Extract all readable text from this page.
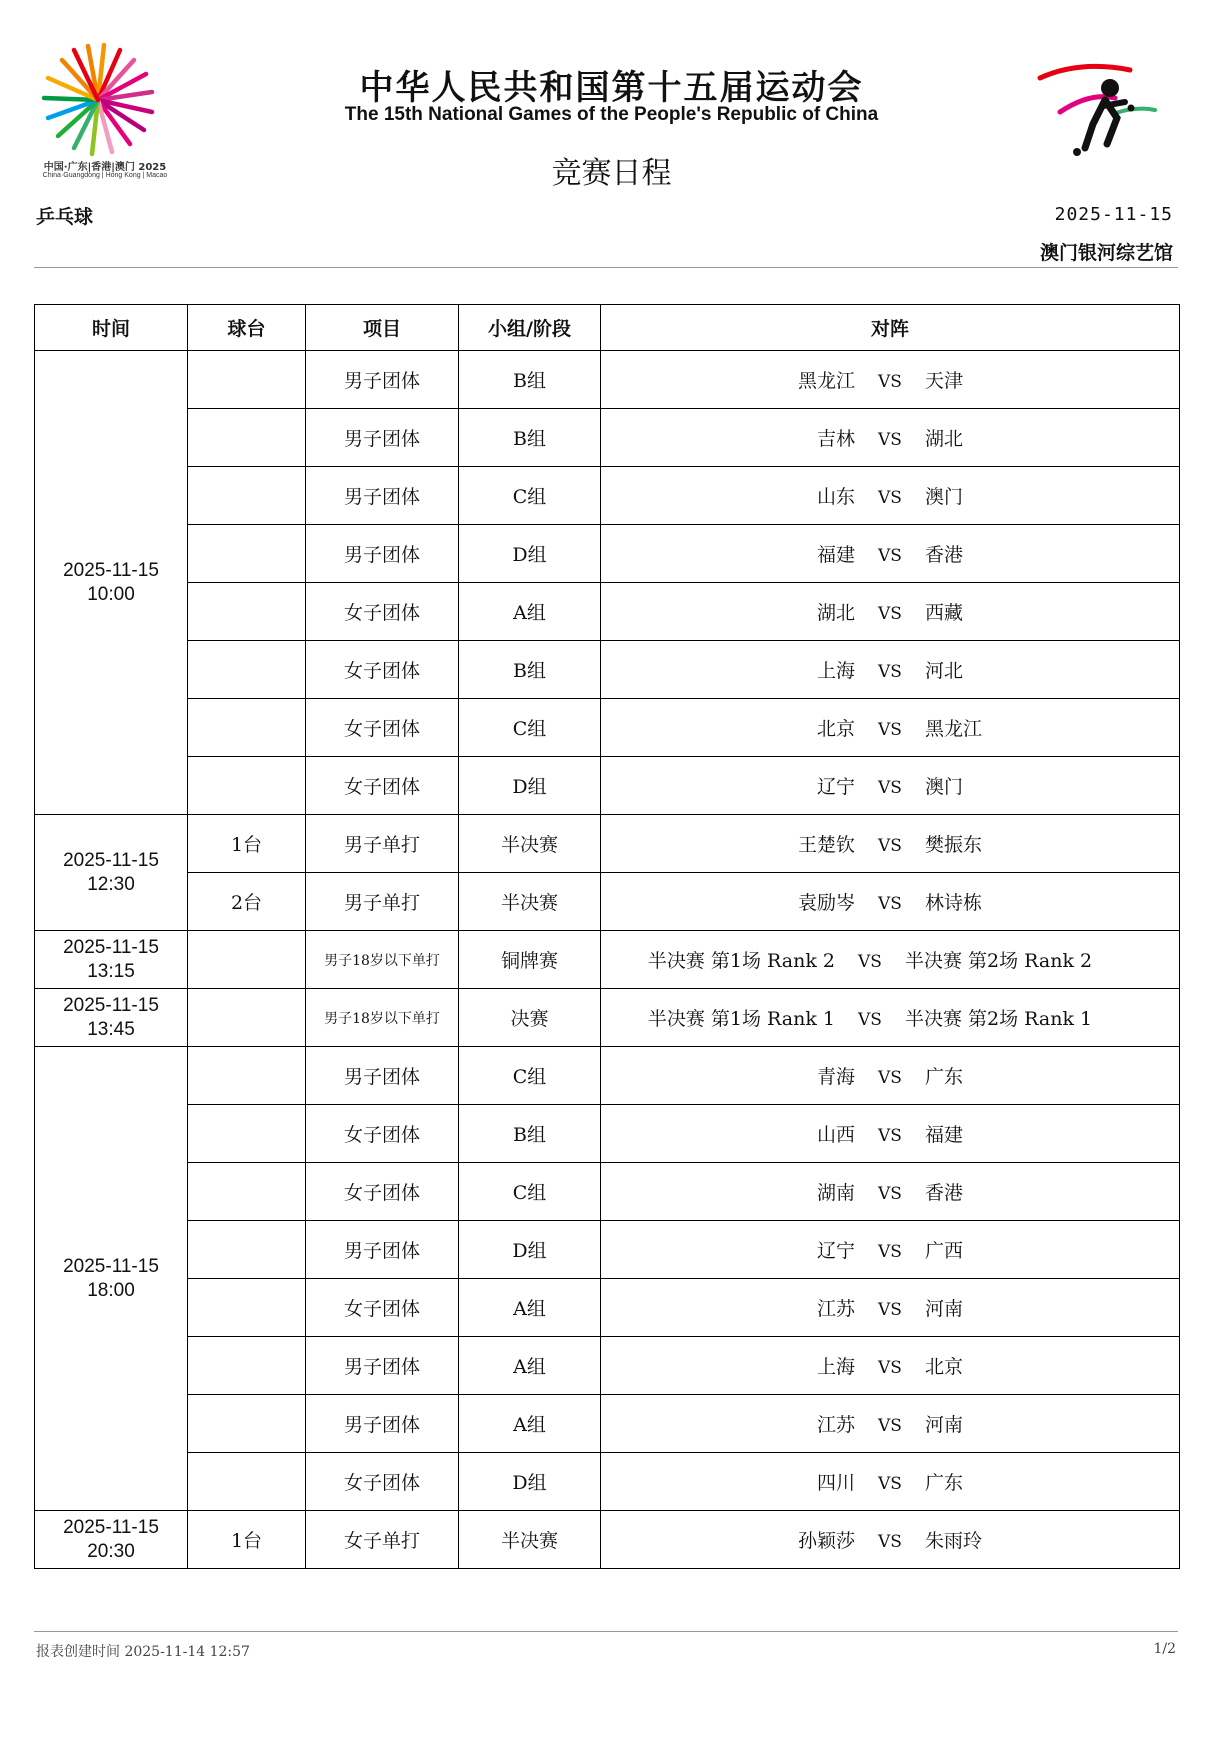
中国·广东|香港|澳门 2025
China·Guangdong | Hong Kong | Macao
中华人民共和国第十五届运动会
The 15th National Games of the People's Republic of China
竞赛日程
乒乓球	2025-11-15
澳门银河综艺馆
时间	球台	项目	小组/阶段	对阵
2025-11-15
10:00		男子团体	B组	黑龙江 VS 天津
		男子团体	B组	吉林 VS 湖北
		男子团体	C组	山东 VS 澳门
		男子团体	D组	福建 VS 香港
		女子团体	A组	湖北 VS 西藏
		女子团体	B组	上海 VS 河北
		女子团体	C组	北京 VS 黑龙江
		女子团体	D组	辽宁 VS 澳门
2025-11-15
12:30	1台	男子单打	半决赛	王楚钦 VS 樊振东
	2台	男子单打	半决赛	袁励岑 VS 林诗栋
2025-11-15
13:15		男子18岁以下单打	铜牌赛	半决赛 第1场 Rank 2 VS 半决赛 第2场 Rank 2
2025-11-15
13:45		男子18岁以下单打	决赛	半决赛 第1场 Rank 1 VS 半决赛 第2场 Rank 1
2025-11-15
18:00		男子团体	C组	青海 VS 广东
		女子团体	B组	山西 VS 福建
		女子团体	C组	湖南 VS 香港
		男子团体	D组	辽宁 VS 广西
		女子团体	A组	江苏 VS 河南
		男子团体	A组	上海 VS 北京
		男子团体	A组	江苏 VS 河南
		女子团体	D组	四川 VS 广东
2025-11-15
20:30	1台	女子单打	半决赛	孙颖莎 VS 朱雨玲
报表创建时间 2025-11-14 12:57	1/2
